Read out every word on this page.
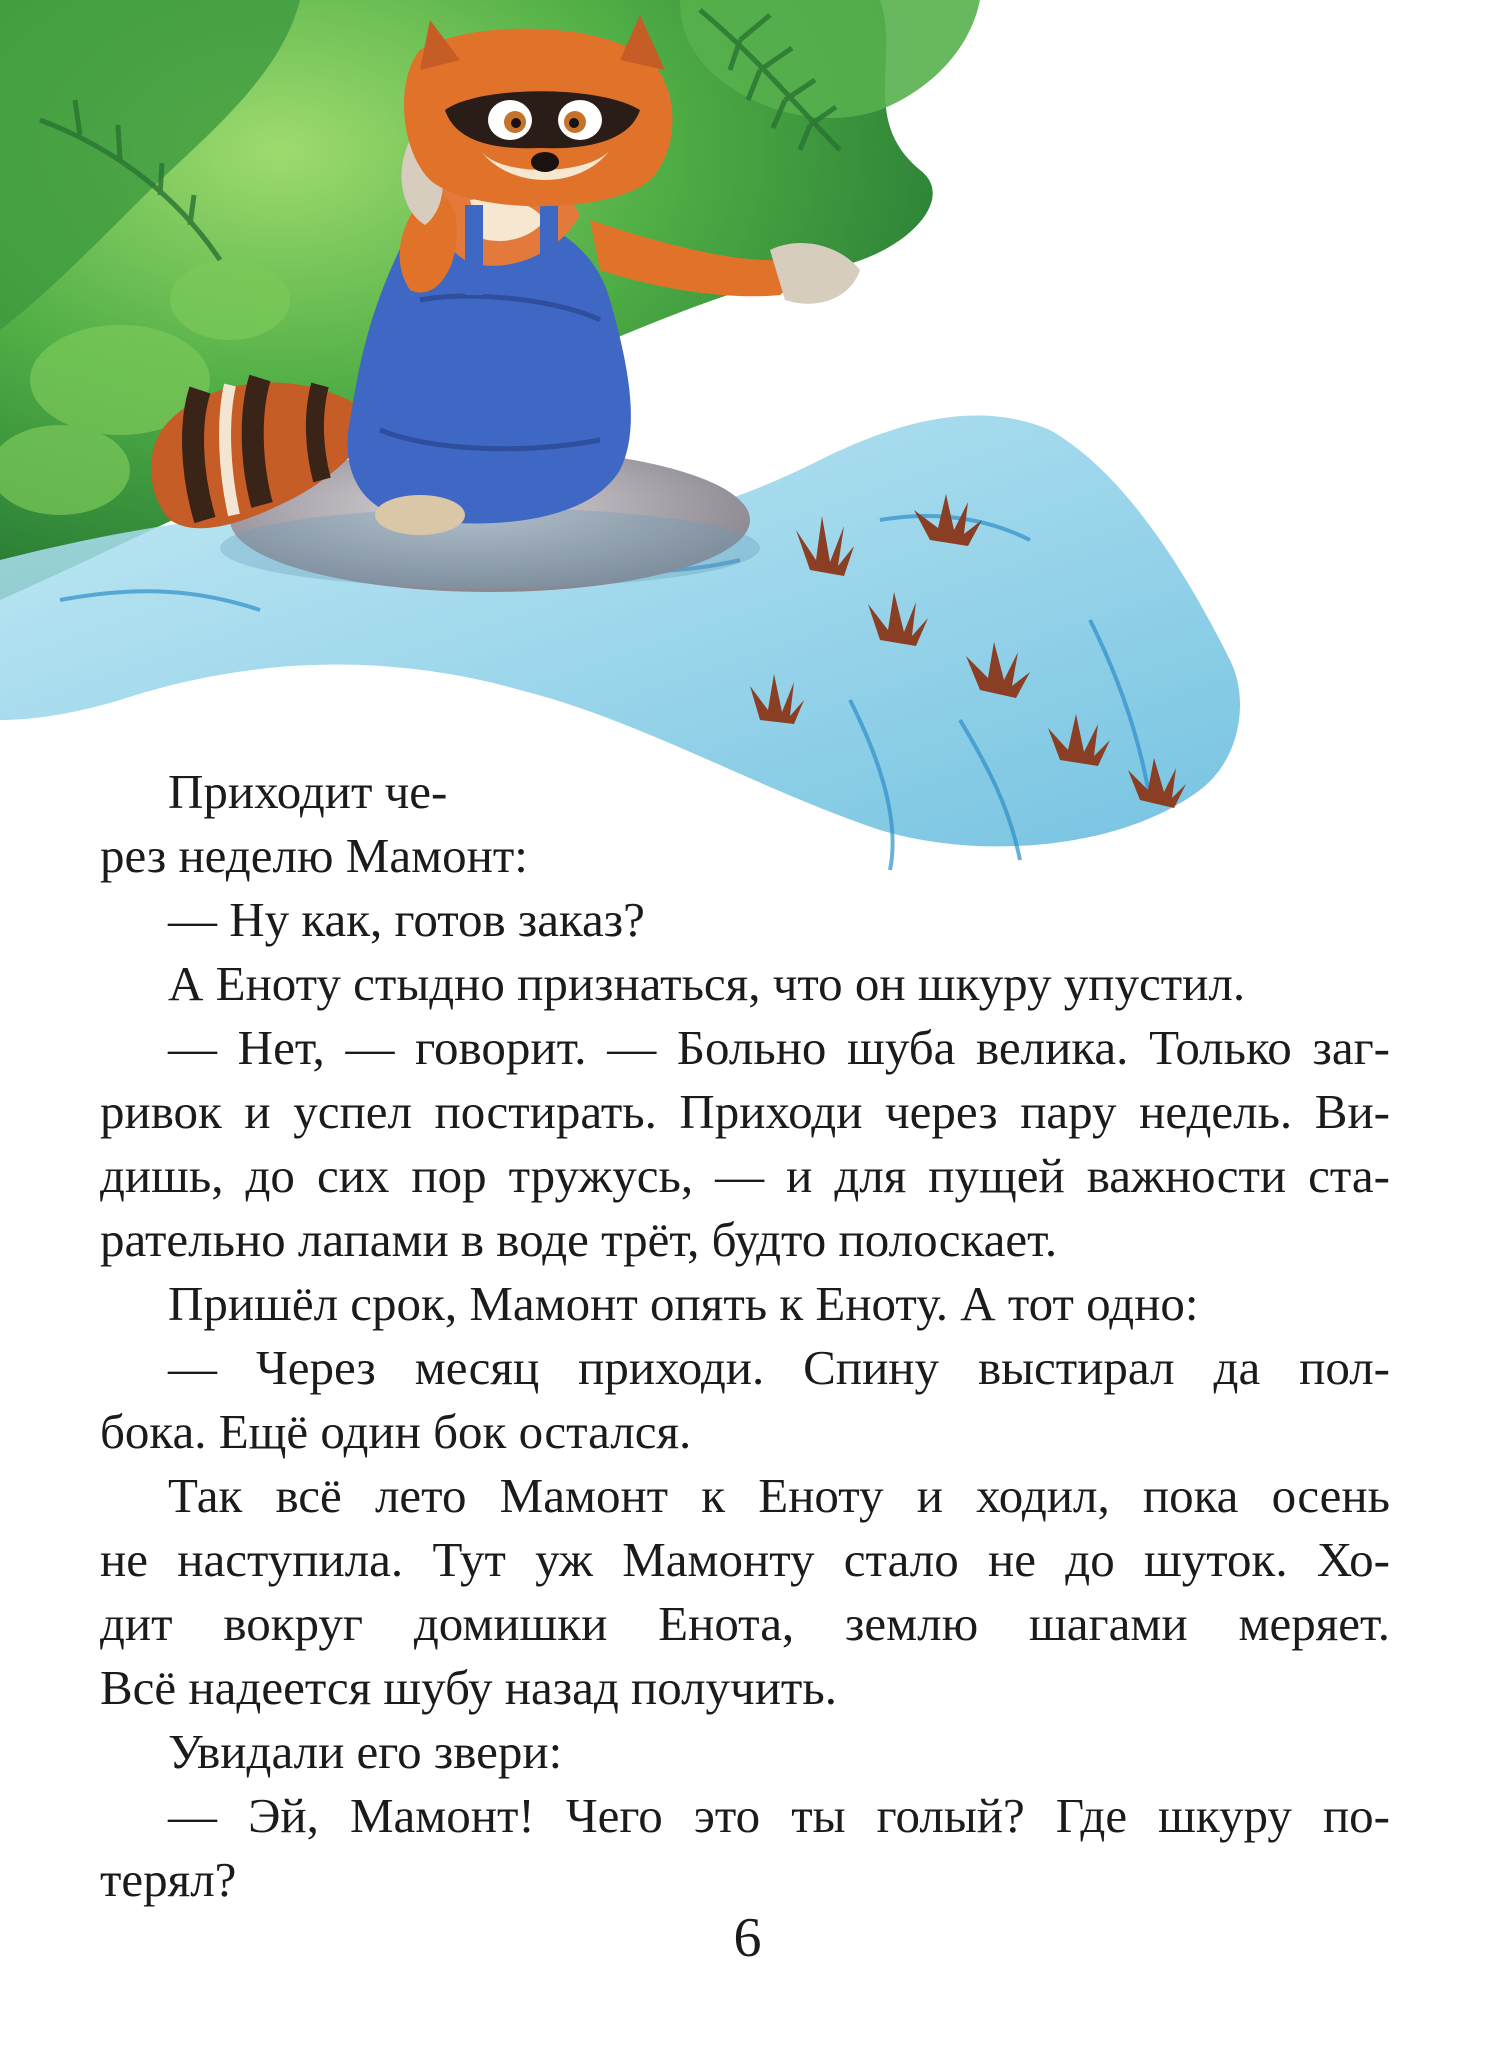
Приходит че-
рез неделю Мамонт:
— Ну как, готов заказ?
А Еноту стыдно признаться, что он шкуру упустил.
— Нет, — говорит. — Больно шуба велика. Только заг-
ривок и успел постирать. Приходи через пару недель. Ви-
дишь, до сих пор тружусь, — и для пущей важности ста-
рательно лапами в воде трёт, будто полоскает.
Пришёл срок, Мамонт опять к Еноту. А тот одно:
— Через месяц приходи. Спину выстирал да пол-
бока. Ещё один бок остался.
Так всё лето Мамонт к Еноту и ходил, пока осень
не наступила. Тут уж Мамонту стало не до шуток. Хо-
дит вокруг домишки Енота, землю шагами меряет.
Всё надеется шубу назад получить.
Увидали его звери:
— Эй, Мамонт! Чего это ты голый? Где шкуру по-
терял?
6
